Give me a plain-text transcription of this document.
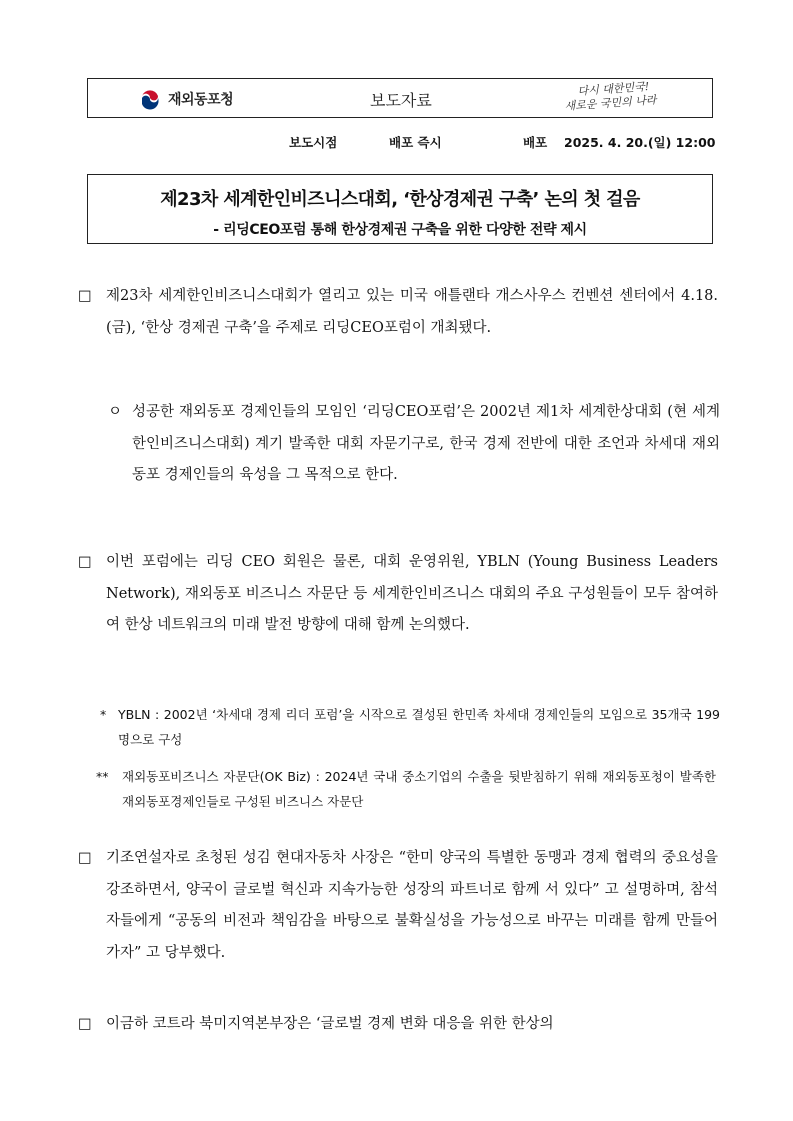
재외동포청	보도자료
다시 대한민국!
새로운 국민의 나라
보도시점	배포 즉시	배포 2025. 4. 20.(일) 12:00
제23차 세계한인비즈니스대회, ‘한상경제권 구축’ 논의 첫 걸음
- 리딩CEO포럼 통해 한상경제권 구축을 위한 다양한 전략 제시
□ 제23차 세계한인비즈니스대회가 열리고 있는 미국 애틀랜타 개스사우스 컨벤션 센터에서 4.18.(금), ‘한상 경제권 구축’을 주제로 리딩CEO포럼이 개최됐다.
ㅇ 성공한 재외동포 경제인들의 모임인 ‘리딩CEO포럼’은 2002년 제1차 세계한상대회 (현 세계한인비즈니스대회) 계기 발족한 대회 자문기구로, 한국 경제 전반에 대한 조언과 차세대 재외동포 경제인들의 육성을 그 목적으로 한다.
□ 이번 포럼에는 리딩 CEO 회원은 물론, 대회 운영위원, YBLN (Young Business Leaders Network), 재외동포 비즈니스 자문단 등 세계한인비즈니스 대회의 주요 구성원들이 모두 참여하여 한상 네트워크의 미래 발전 방향에 대해 함께 논의했다.
* YBLN : 2002년 ‘차세대 경제 리더 포럼’을 시작으로 결성된 한민족 차세대 경제인들의 모임으로 35개국 199명으로 구성
** 재외동포비즈니스 자문단(OK Biz) : 2024년 국내 중소기업의 수출을 뒷받침하기 위해 재외동포청이 발족한 재외동포경제인들로 구성된 비즈니스 자문단
□ 기조연설자로 초청된 성김 현대자동차 사장은 “한미 양국의 특별한 동맹과 경제 협력의 중요성을 강조하면서, 양국이 글로벌 혁신과 지속가능한 성장의 파트너로 함께 서 있다” 고 설명하며, 참석자들에게 “공동의 비전과 책임감을 바탕으로 불확실성을 가능성으로 바꾸는 미래를 함께 만들어가자” 고 당부했다.
□ 이금하 코트라 북미지역본부장은 ‘글로벌 경제 변화 대응을 위한 한상의
